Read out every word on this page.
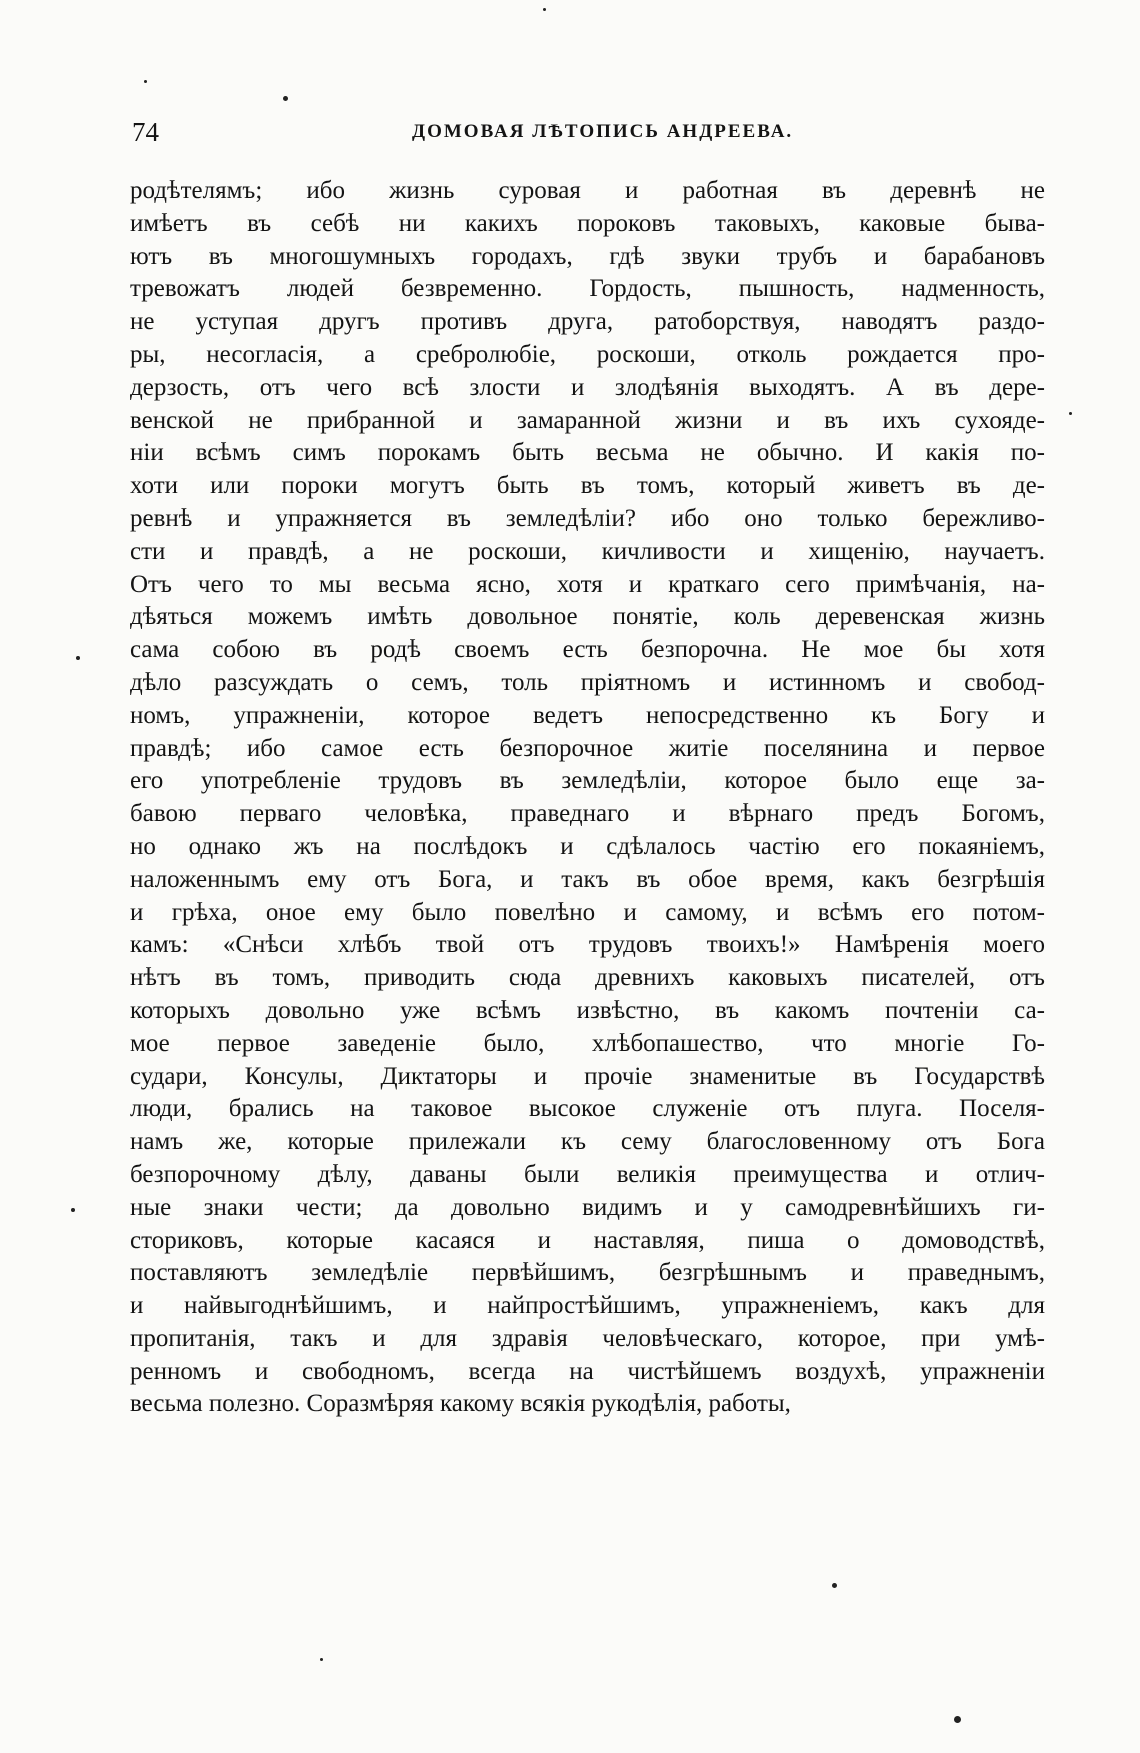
74	ДОМОВАЯ ЛѢТОПИСЬ АНДРЕЕВА.
родѣтелямъ; ибо жизнь суровая и работная въ деревнѣ не
имѣетъ въ себѣ ни какихъ пороковъ таковыхъ, каковые быва-
ютъ въ многошумныхъ городахъ, гдѣ звуки трубъ и барабановъ
тревожатъ людей безвременно. Гордость, пышность, надменность,
не уступая другъ противъ друга, ратоборствуя, наводятъ раздо-
ры, несогласія, а сребролюбіе, роскоши, отколь рождается про-
дерзость, отъ чего всѣ злости и злодѣянія выходятъ. А въ дере-
венской не прибранной и замаранной жизни и въ ихъ сухояде-
ніи всѣмъ симъ порокамъ быть весьма не обычно. И какія по-
хоти или пороки могутъ быть въ томъ, который живетъ въ де-
ревнѣ и упражняется въ земледѣліи? ибо оно только бережливо-
сти и правдѣ, а не роскоши, кичливости и хищенію, научаетъ.
Отъ чего то мы весьма ясно, хотя и краткаго сего примѣчанія, на-
дѣяться можемъ имѣть довольное понятіе, коль деревенская жизнь
сама собою въ родѣ своемъ есть безпорочна. Не мое бы хотя
дѣло разсуждать о семъ, толь пріятномъ и истинномъ и свобод-
номъ, упражненіи, которое ведетъ непосредственно къ Богу и
правдѣ; ибо самое есть безпорочное житіе поселянина и первое
его употребленіе трудовъ въ земледѣліи, которое было еще за-
бавою перваго человѣка, праведнаго и вѣрнаго предъ Богомъ,
но однако жъ на послѣдокъ и сдѣлалось частію его покаяніемъ,
наложеннымъ ему отъ Бога, и такъ въ обое время, какъ безгрѣшія
и грѣха, оное ему было повелѣно и самому, и всѣмъ его потом-
камъ: «Снѣси хлѣбъ твой отъ трудовъ твоихъ!» Намѣренія моего
нѣтъ въ томъ, приводить сюда древнихъ каковыхъ писателей, отъ
которыхъ довольно уже всѣмъ извѣстно, въ какомъ почтеніи са-
мое первое заведеніе было, хлѣбопашество, что многіе Го-
судари, Консулы, Диктаторы и прочіе знаменитые въ Государствѣ
люди, брались на таковое высокое служеніе отъ плуга. Поселя-
намъ же, которые прилежали къ сему благословенному отъ Бога
безпорочному дѣлу, даваны были великія преимущества и отлич-
ные знаки чести; да довольно видимъ и у самодревнѣйшихъ ги-
сториковъ, которые касаяся и наставляя, пиша о домоводствѣ,
поставляютъ земледѣліе первѣйшимъ, безгрѣшнымъ и праведнымъ,
и найвыгоднѣйшимъ, и найпростѣйшимъ, упражненіемъ, какъ для
пропитанія, такъ и для здравія человѣческаго, которое, при умѣ-
ренномъ и свободномъ, всегда на чистѣйшемъ воздухѣ, упражненіи
весьма полезно. Соразмѣряя какому всякія рукодѣлія, работы,
